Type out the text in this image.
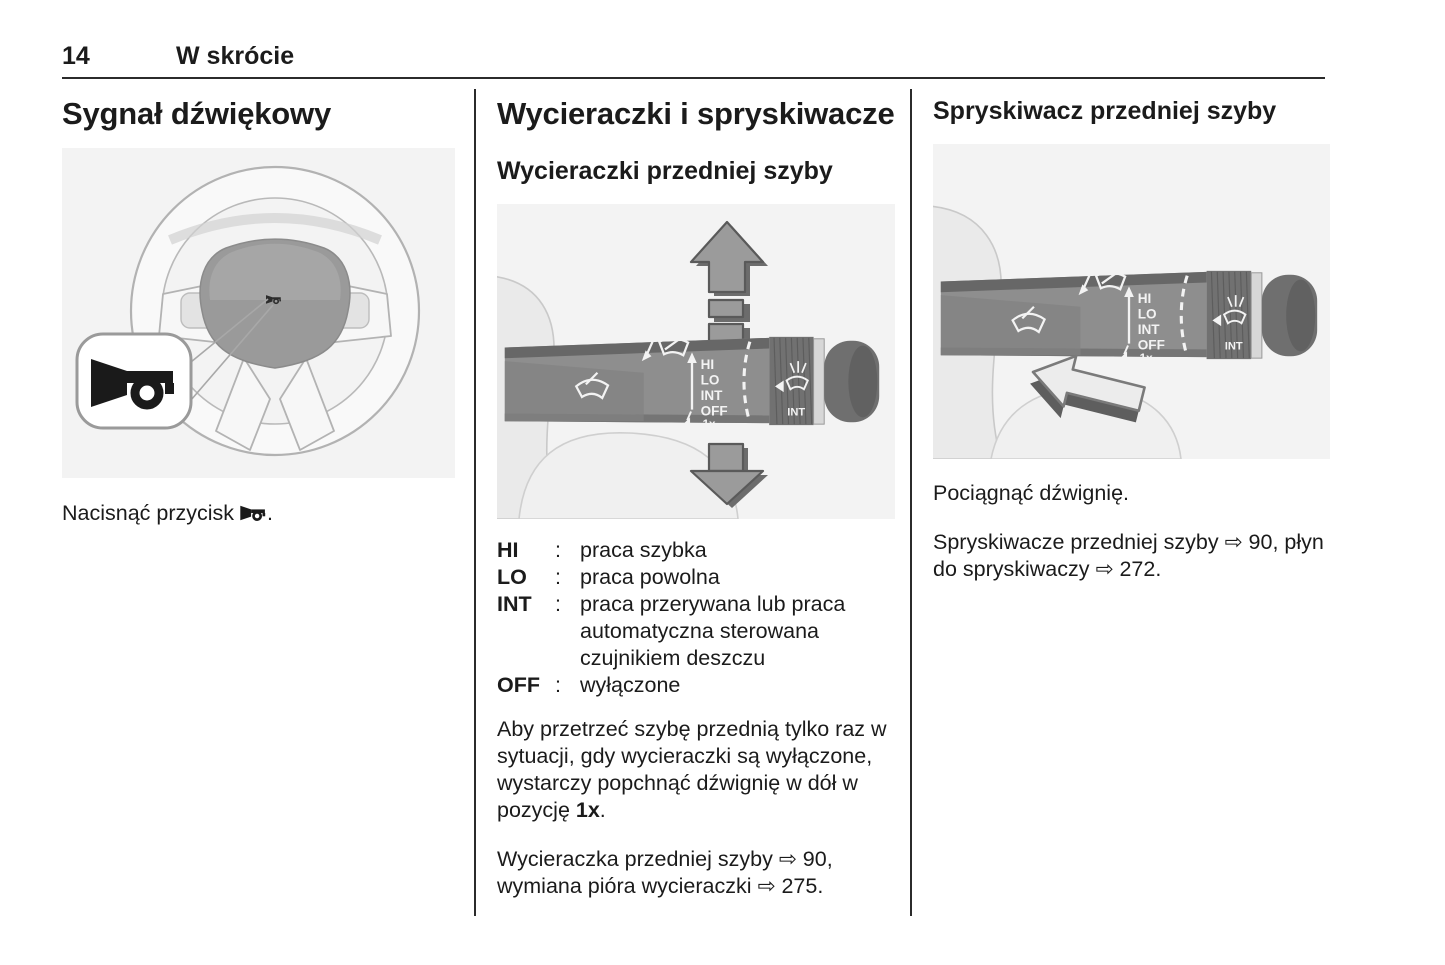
14	W skrócie
Sygnał dźwiękowy

Nacisnąć przycisk .

Wycieraczki i spryskiwacze
Wycieraczki przedniej szyby
HI
LO
INT
OFF
1x
INT
HI	: praca szybka
LO	: praca powolna
INT	: praca przerywana lub praca automatyczna sterowana czujnikiem deszczu
OFF : wyłączone

Aby przetrzeć szybę przednią tylko raz w sytuacji, gdy wycieraczki są wyłączone, wystarczy popchnąć dźwignię w dół w pozycję 1x.

Wycieraczka przedniej szyby ⇨ 90, wymiana pióra wycieraczki ⇨ 275.

Spryskiwacz przedniej szyby
HI
LO
INT
OFF
1x
INT

Pociągnąć dźwignię.

Spryskiwacze przedniej szyby ⇨ 90, płyn do spryskiwaczy ⇨ 272.
